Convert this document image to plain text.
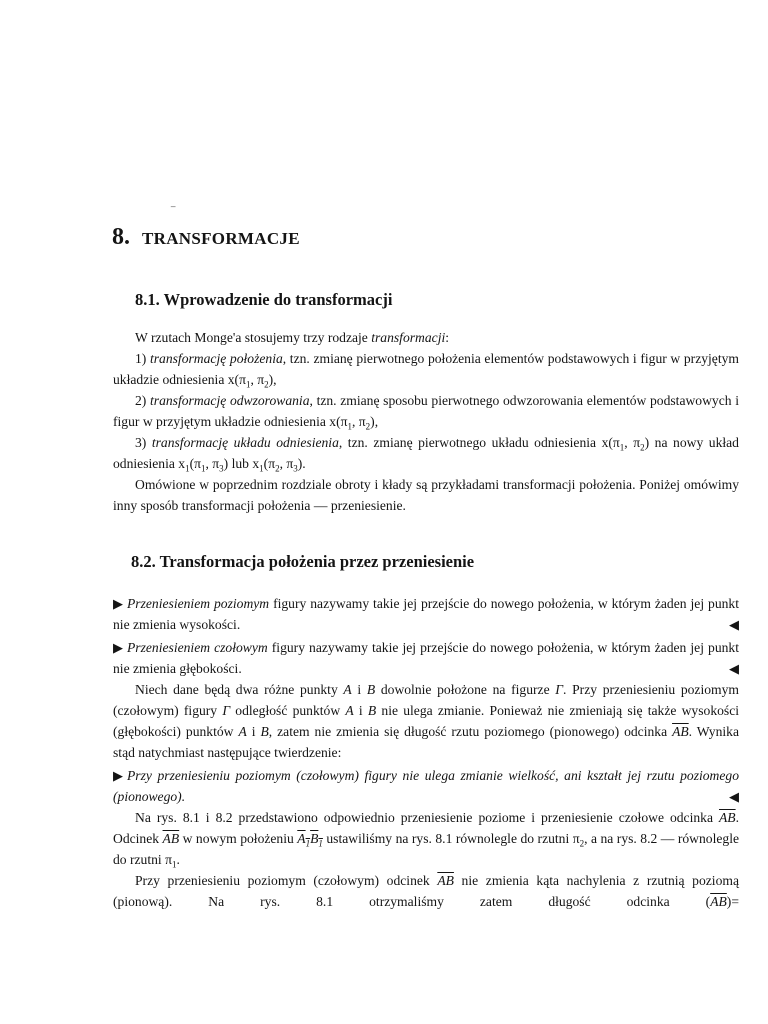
⁻
8. TRANSFORMACJE
8.1. Wprowadzenie do transformacji

W rzutach Monge'a stosujemy trzy rodzaje transformacji:

1) transformację położenia, tzn. zmianę pierwotnego położenia elementów podstawowych i figur w przyjętym układzie odniesienia $x(\pi_1$, $\pi_2$),

2) transformację odwzorowania, tzn. zmianę sposobu pierwotnego odwzorowania elementów podstawowych i figur w przyjętym układzie odniesienia $x(\pi_1$, $\pi_2$),

3) transformację układu odniesienia, tzn. zmianę pierwotnego układu odniesienia $x(\pi_1$, $\pi_2$) na nowy układ odniesienia $x_1(\pi_1$, $\pi_3$) lub $x_1(\pi_2$, $\pi_3$).

Omówione w poprzednim rozdziale obroty i kłady są przykładami transformacji położenia. Poniżej omówimy inny sposób transformacji położenia — przeniesienie.

8.2. Transformacja położenia przez przeniesienie

▶ Przeniesieniem poziomym figury nazywamy takie jej przejście do nowego położenia, w którym żaden jej punkt nie zmienia wysokości.	◀

▶ Przeniesieniem czołowym figury nazywamy takie jej przejście do nowego położenia, w którym żaden jej punkt nie zmienia głębokości.	◀

Niech dane będą dwa różne punkty A i B dowolnie położone na figurze Γ. Przy przeniesieniu poziomym (czołowym) figury Γ odległość punktów A i B nie ulega zmianie. Ponieważ nie zmieniają się także wysokości (głębokości) punktów A i B, zatem nie zmienia się długość rzutu poziomego (pionowego) odcinka $\overline{AB}$. Wynika stąd natychmiast następujące twierdzenie:

▶ Przy przeniesieniu poziomym (czołowym) figury nie ulega zmianie wielkość, ani kształt jej rzutu poziomego (pionowego).	◀

Na rys. 8.1 i 8.2 przedstawiono odpowiednio przeniesienie poziome i przeniesienie czołowe odcinka $\overline{AB}$. Odcinek $\overline{AB}$ w nowym położeniu $A_1B_1$ ustawiliśmy na rys. 8.1 równolegle do rzutni $\pi_2$, a na rys. 8.2 — równolegle do rzutni $\pi_1$.

Przy przeniesieniu poziomym (czołowym) odcinek $\overline{AB}$ nie zmienia kąta nachylenia z rzutnią poziomą (pionową). Na rys. 8.1 otrzymaliśmy zatem długość odcinka $(\overline{AB})=$
